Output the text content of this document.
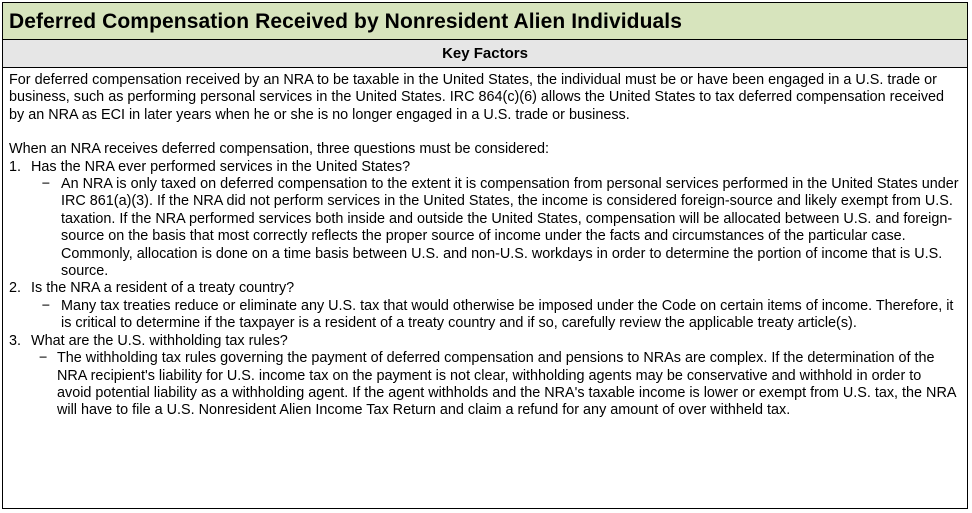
Deferred Compensation Received by Nonresident Alien Individuals
Key Factors

For deferred compensation received by an NRA to be taxable in the United States, the individual must be or have been engaged in a U.S. trade or business, such as performing personal services in the United States. IRC 864(c)(6) allows the United States to tax deferred compensation received by an NRA as ECI in later years when he or she is no longer engaged in a U.S. trade or business.

When an NRA receives deferred compensation, three questions must be considered:

1. Has the NRA ever performed services in the United States?
− An NRA is only taxed on deferred compensation to the extent it is compensation from personal services performed in the United States under IRC 861(a)(3). If the NRA did not perform services in the United States, the income is considered foreign-source and likely exempt from U.S. taxation. If the NRA performed services both inside and outside the United States, compensation will be allocated between U.S. and foreign-source on the basis that most correctly reflects the proper source of income under the facts and circumstances of the particular case. Commonly, allocation is done on a time basis between U.S. and non-U.S. workdays in order to determine the portion of income that is U.S. source.
2. Is the NRA a resident of a treaty country?
− Many tax treaties reduce or eliminate any U.S. tax that would otherwise be imposed under the Code on certain items of income. Therefore, it is critical to determine if the taxpayer is a resident of a treaty country and if so, carefully review the applicable treaty article(s).
3. What are the U.S. withholding tax rules?
− The withholding tax rules governing the payment of deferred compensation and pensions to NRAs are complex. If the determination of the NRA recipient's liability for U.S. income tax on the payment is not clear, withholding agents may be conservative and withhold in order to avoid potential liability as a withholding agent. If the agent withholds and the NRA's taxable income is lower or exempt from U.S. tax, the NRA will have to file a U.S. Nonresident Alien Income Tax Return and claim a refund for any amount of over withheld tax.
